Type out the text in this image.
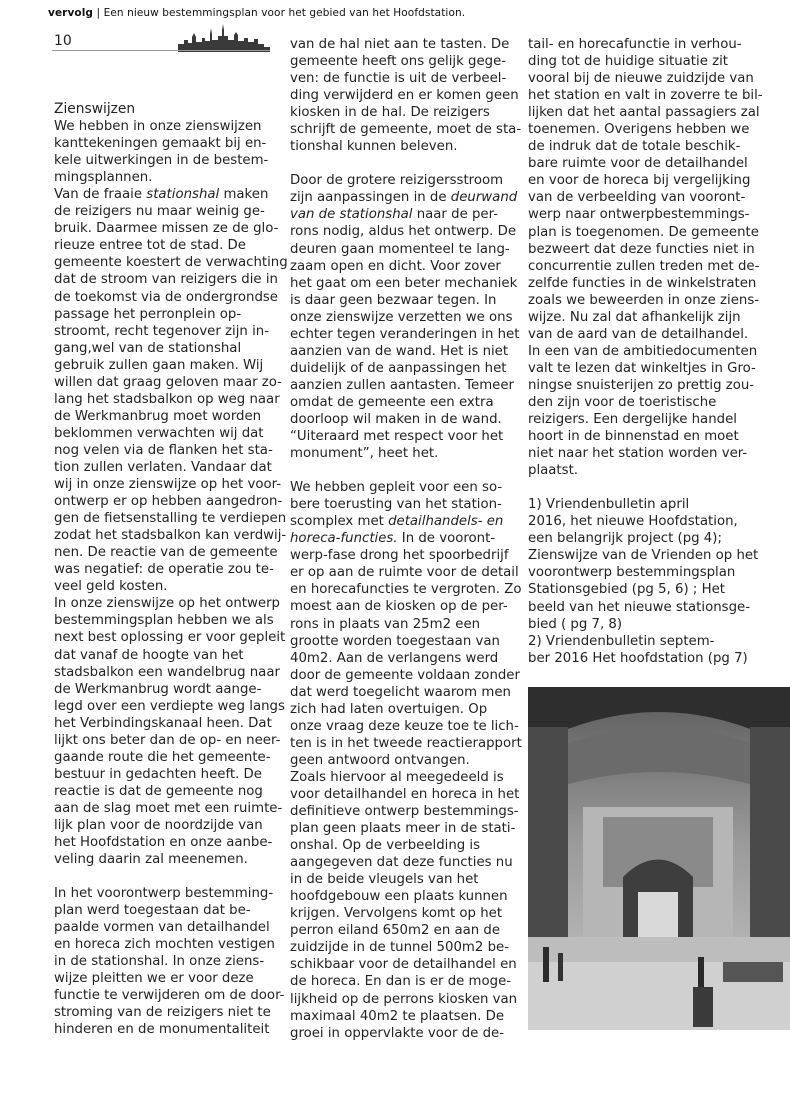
vervolg | Een nieuw bestemmingsplan voor het gebied van het Hoofdstation.
10

Zienswijzen

We hebben in onze zienswijzen

kanttekeningen gemaakt bij en-

kele uitwerkingen in de bestem-

mingsplannen.

Van de fraaie stationshal maken

de reizigers nu maar weinig ge-

bruik. Daarmee missen ze de glo-

rieuze entree tot de stad. De

gemeente koestert de verwachting

dat de stroom van reizigers die in

de toekomst via de ondergrondse

passage het perronplein op-

stroomt, recht tegenover zijn in-

gang,wel van de stationshal

gebruik zullen gaan maken. Wij

willen dat graag geloven maar zo-

lang het stadsbalkon op weg naar

de Werkmanbrug moet worden

beklommen verwachten wij dat

nog velen via de flanken het sta-

tion zullen verlaten. Vandaar dat

wij in onze zienswijze op het voor-

ontwerp er op hebben aangedron-

gen de fietsenstalling te verdiepen

zodat het stadsbalkon kan verdwij-

nen. De reactie van de gemeente

was negatief: de operatie zou te-

veel geld kosten.

In onze zienswijze op het ontwerp

bestemmingsplan hebben we als

next best oplossing er voor gepleit

dat vanaf de hoogte van het

stadsbalkon een wandelbrug naar

de Werkmanbrug wordt aange-

legd over een verdiepte weg langs

het Verbindingskanaal heen. Dat

lijkt ons beter dan de op- en neer-

gaande route die het gemeente-

bestuur in gedachten heeft. De

reactie is dat de gemeente nog

aan de slag moet met een ruimte-

lijk plan voor de noordzijde van

het Hoofdstation en onze aanbe-

veling daarin zal meenemen.

In het voorontwerp bestemming-

plan werd toegestaan dat be-

paalde vormen van detailhandel

en horeca zich mochten vestigen

in de stationshal. In onze ziens-

wijze pleitten we er voor deze

functie te verwijderen om de door-

stroming van de reizigers niet te

hinderen en de monumentaliteit

van de hal niet aan te tasten. De

gemeente heeft ons gelijk gege-

ven: de functie is uit de verbeel-

ding verwijderd en er komen geen

kiosken in de hal. De reizigers

schrijft de gemeente, moet de sta-

tionshal kunnen beleven.

Door de grotere reizigersstroom

zijn aanpassingen in de deurwand

van de stationshal naar de per-

rons nodig, aldus het ontwerp. De

deuren gaan momenteel te lang-

zaam open en dicht. Voor zover

het gaat om een beter mechaniek

is daar geen bezwaar tegen. In

onze zienswijze verzetten we ons

echter tegen veranderingen in het

aanzien van de wand. Het is niet

duidelijk of de aanpassingen het

aanzien zullen aantasten. Temeer

omdat de gemeente een extra

doorloop wil maken in de wand.

“Uiteraard met respect voor het

monument”, heet het.

We hebben gepleit voor een so-

bere toerusting van het station-

scomplex met detailhandels- en

horeca-functies. In de vooront-

werp-fase drong het spoorbedrijf

er op aan de ruimte voor de detail

en horecafuncties te vergroten. Zo

moest aan de kiosken op de per-

rons in plaats van 25m2 een

grootte worden toegestaan van

40m2. Aan de verlangens werd

door de gemeente voldaan zonder

dat werd toegelicht waarom men

zich had laten overtuigen. Op

onze vraag deze keuze toe te lich-

ten is in het tweede reactierapport

geen antwoord ontvangen.

Zoals hiervoor al meegedeeld is

voor detailhandel en horeca in het

definitieve ontwerp bestemmings-

plan geen plaats meer in de stati-

onshal. Op de verbeelding is

aangegeven dat deze functies nu

in de beide vleugels van het

hoofdgebouw een plaats kunnen

krijgen. Vervolgens komt op het

perron eiland 650m2 en aan de

zuidzijde in de tunnel 500m2 be-

schikbaar voor de detailhandel en

de horeca. En dan is er de moge-

lijkheid op de perrons kiosken van

maximaal 40m2 te plaatsen. De

groei in oppervlakte voor de de-

tail- en horecafunctie in verhou-

ding tot de huidige situatie zit

vooral bij de nieuwe zuidzijde van

het station en valt in zoverre te bil-

lijken dat het aantal passagiers zal

toenemen. Overigens hebben we

de indruk dat de totale beschik-

bare ruimte voor de detailhandel

en voor de horeca bij vergelijking

van de verbeelding van vooront-

werp naar ontwerpbestemmings-

plan is toegenomen. De gemeente

bezweert dat deze functies niet in

concurrentie zullen treden met de-

zelfde functies in de winkelstraten

zoals we beweerden in onze ziens-

wijze. Nu zal dat afhankelijk zijn

van de aard van de detailhandel.

In een van de ambitiedocumenten

valt te lezen dat winkeltjes in Gro-

ningse snuisterijen zo prettig zou-

den zijn voor de toeristische

reizigers. Een dergelijke handel

hoort in de binnenstad en moet

niet naar het station worden ver-

plaatst.

1) Vriendenbulletin april

2016, het nieuwe Hoofdstation,

een belangrijk project (pg 4);

Zienswijze van de Vrienden op het

voorontwerp bestemmingsplan

Stationsgebied (pg 5, 6) ; Het

beeld van het nieuwe stationsge-

bied ( pg 7, 8)

2) Vriendenbulletin septem-

ber 2016 Het hoofdstation (pg 7)
